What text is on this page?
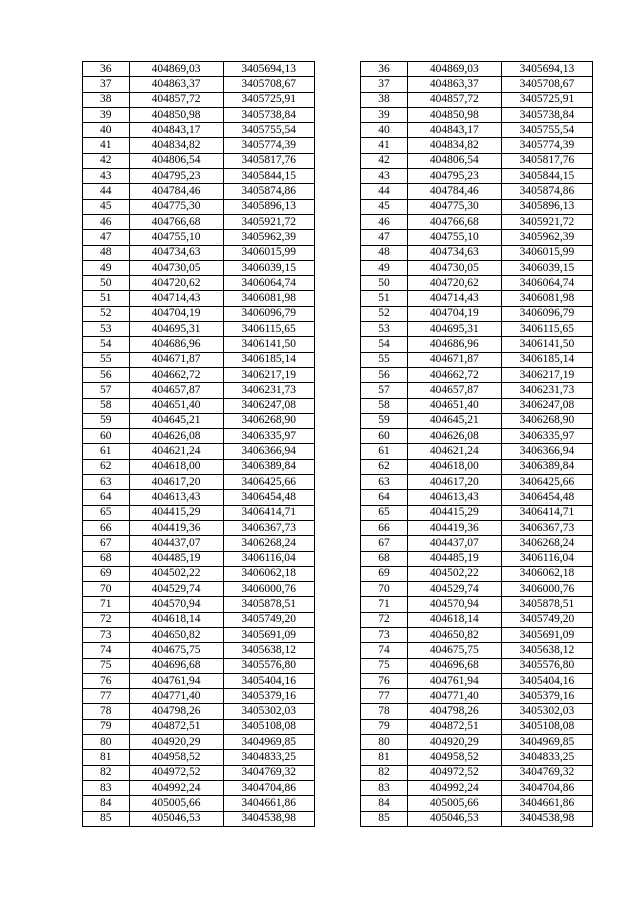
36	404869,03	3405694,13		36	404869,03	3405694,13
37	404863,37	3405708,67		37	404863,37	3405708,67
38	404857,72	3405725,91		38	404857,72	3405725,91
39	404850,98	3405738,84		39	404850,98	3405738,84
40	404843,17	3405755,54		40	404843,17	3405755,54
41	404834,82	3405774,39		41	404834,82	3405774,39
42	404806,54	3405817,76		42	404806,54	3405817,76
43	404795,23	3405844,15		43	404795,23	3405844,15
44	404784,46	3405874,86		44	404784,46	3405874,86
45	404775,30	3405896,13		45	404775,30	3405896,13
46	404766,68	3405921,72		46	404766,68	3405921,72
47	404755,10	3405962,39		47	404755,10	3405962,39
48	404734,63	3406015,99		48	404734,63	3406015,99
49	404730,05	3406039,15		49	404730,05	3406039,15
50	404720,62	3406064,74		50	404720,62	3406064,74
51	404714,43	3406081,98		51	404714,43	3406081,98
52	404704,19	3406096,79		52	404704,19	3406096,79
53	404695,31	3406115,65		53	404695,31	3406115,65
54	404686,96	3406141,50		54	404686,96	3406141,50
55	404671,87	3406185,14		55	404671,87	3406185,14
56	404662,72	3406217,19		56	404662,72	3406217,19
57	404657,87	3406231,73		57	404657,87	3406231,73
58	404651,40	3406247,08		58	404651,40	3406247,08
59	404645,21	3406268,90		59	404645,21	3406268,90
60	404626,08	3406335,97		60	404626,08	3406335,97
61	404621,24	3406366,94		61	404621,24	3406366,94
62	404618,00	3406389,84		62	404618,00	3406389,84
63	404617,20	3406425,66		63	404617,20	3406425,66
64	404613,43	3406454,48		64	404613,43	3406454,48
65	404415,29	3406414,71		65	404415,29	3406414,71
66	404419,36	3406367,73		66	404419,36	3406367,73
67	404437,07	3406268,24		67	404437,07	3406268,24
68	404485,19	3406116,04		68	404485,19	3406116,04
69	404502,22	3406062,18		69	404502,22	3406062,18
70	404529,74	3406000,76		70	404529,74	3406000,76
71	404570,94	3405878,51		71	404570,94	3405878,51
72	404618,14	3405749,20		72	404618,14	3405749,20
73	404650,82	3405691,09		73	404650,82	3405691,09
74	404675,75	3405638,12		74	404675,75	3405638,12
75	404696,68	3405576,80		75	404696,68	3405576,80
76	404761,94	3405404,16		76	404761,94	3405404,16
77	404771,40	3405379,16		77	404771,40	3405379,16
78	404798,26	3405302,03		78	404798,26	3405302,03
79	404872,51	3405108,08		79	404872,51	3405108,08
80	404920,29	3404969,85		80	404920,29	3404969,85
81	404958,52	3404833,25		81	404958,52	3404833,25
82	404972,52	3404769,32		82	404972,52	3404769,32
83	404992,24	3404704,86		83	404992,24	3404704,86
84	405005,66	3404661,86		84	405005,66	3404661,86
85	405046,53	3404538,98		85	405046,53	3404538,98
